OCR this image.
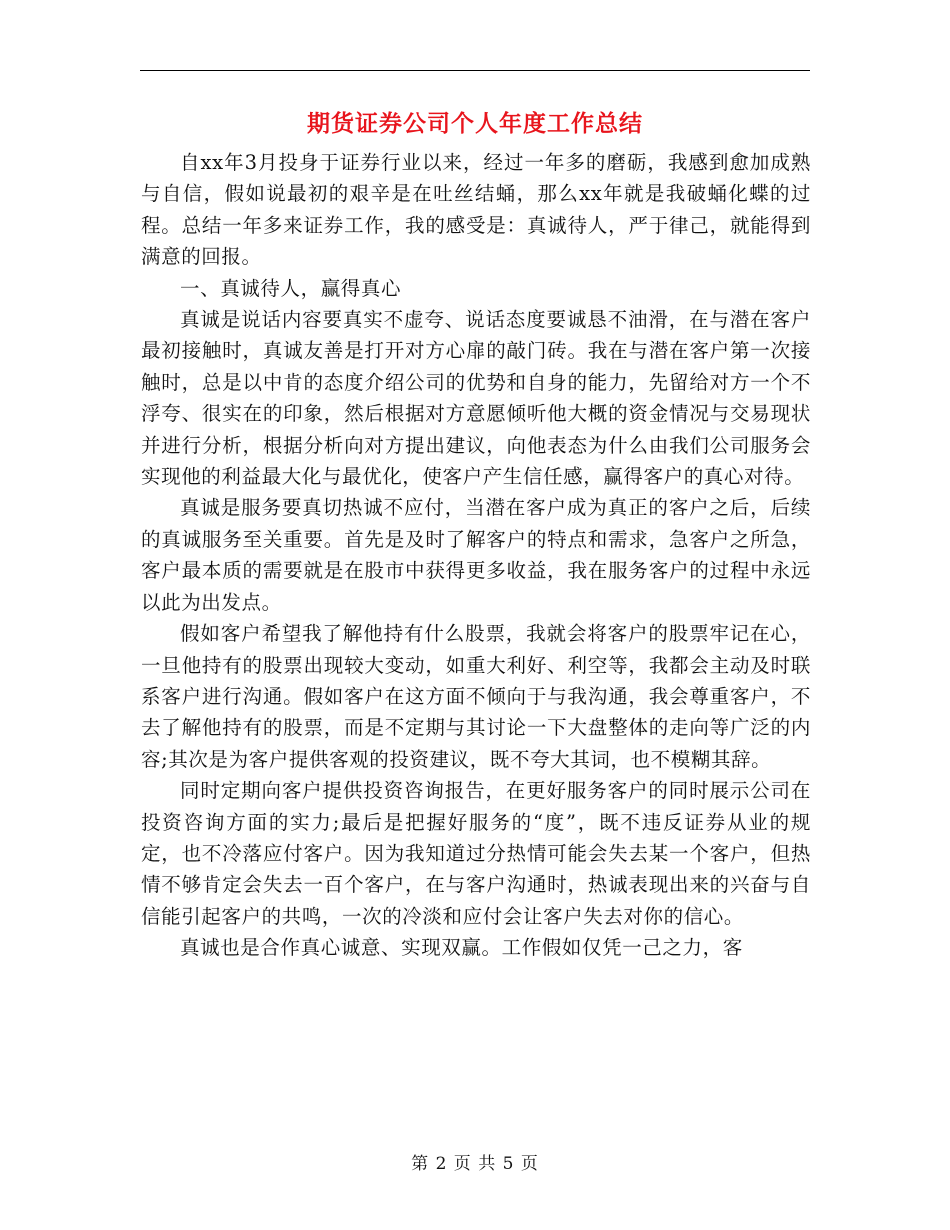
期货证券公司个人年度工作总结

自xx年3月投身于证券行业以来，经过一年多的磨砺，我感到愈加成熟与自信，假如说最初的艰辛是在吐丝结蛹，那么xx年就是我破蛹化蝶的过程。总结一年多来证券工作，我的感受是：真诚待人，严于律己，就能得到满意的回报。

一、真诚待人，赢得真心

真诚是说话内容要真实不虚夸、说话态度要诚恳不油滑，在与潜在客户最初接触时，真诚友善是打开对方心扉的敲门砖。我在与潜在客户第一次接触时，总是以中肯的态度介绍公司的优势和自身的能力，先留给对方一个不浮夸、很实在的印象，然后根据对方意愿倾听他大概的资金情况与交易现状并进行分析，根据分析向对方提出建议，向他表态为什么由我们公司服务会实现他的利益最大化与最优化，使客户产生信任感，赢得客户的真心对待。

真诚是服务要真切热诚不应付，当潜在客户成为真正的客户之后，后续的真诚服务至关重要。首先是及时了解客户的特点和需求，急客户之所急，客户最本质的需要就是在股市中获得更多收益，我在服务客户的过程中永远以此为出发点。

假如客户希望我了解他持有什么股票，我就会将客户的股票牢记在心，一旦他持有的股票出现较大变动，如重大利好、利空等，我都会主动及时联系客户进行沟通。假如客户在这方面不倾向于与我沟通，我会尊重客户，不去了解他持有的股票，而是不定期与其讨论一下大盘整体的走向等广泛的内容;其次是为客户提供客观的投资建议，既不夸大其词，也不模糊其辞。

同时定期向客户提供投资咨询报告，在更好服务客户的同时展示公司在投资咨询方面的实力;最后是把握好服务的“度”，既不违反证券从业的规定，也不冷落应付客户。因为我知道过分热情可能会失去某一个客户，但热情不够肯定会失去一百个客户，在与客户沟通时，热诚表现出来的兴奋与自信能引起客户的共鸣，一次的冷淡和应付会让客户失去对你的信心。

真诚也是合作真心诚意、实现双赢。工作假如仅凭一己之力，客

第 2 页 共 5 页
